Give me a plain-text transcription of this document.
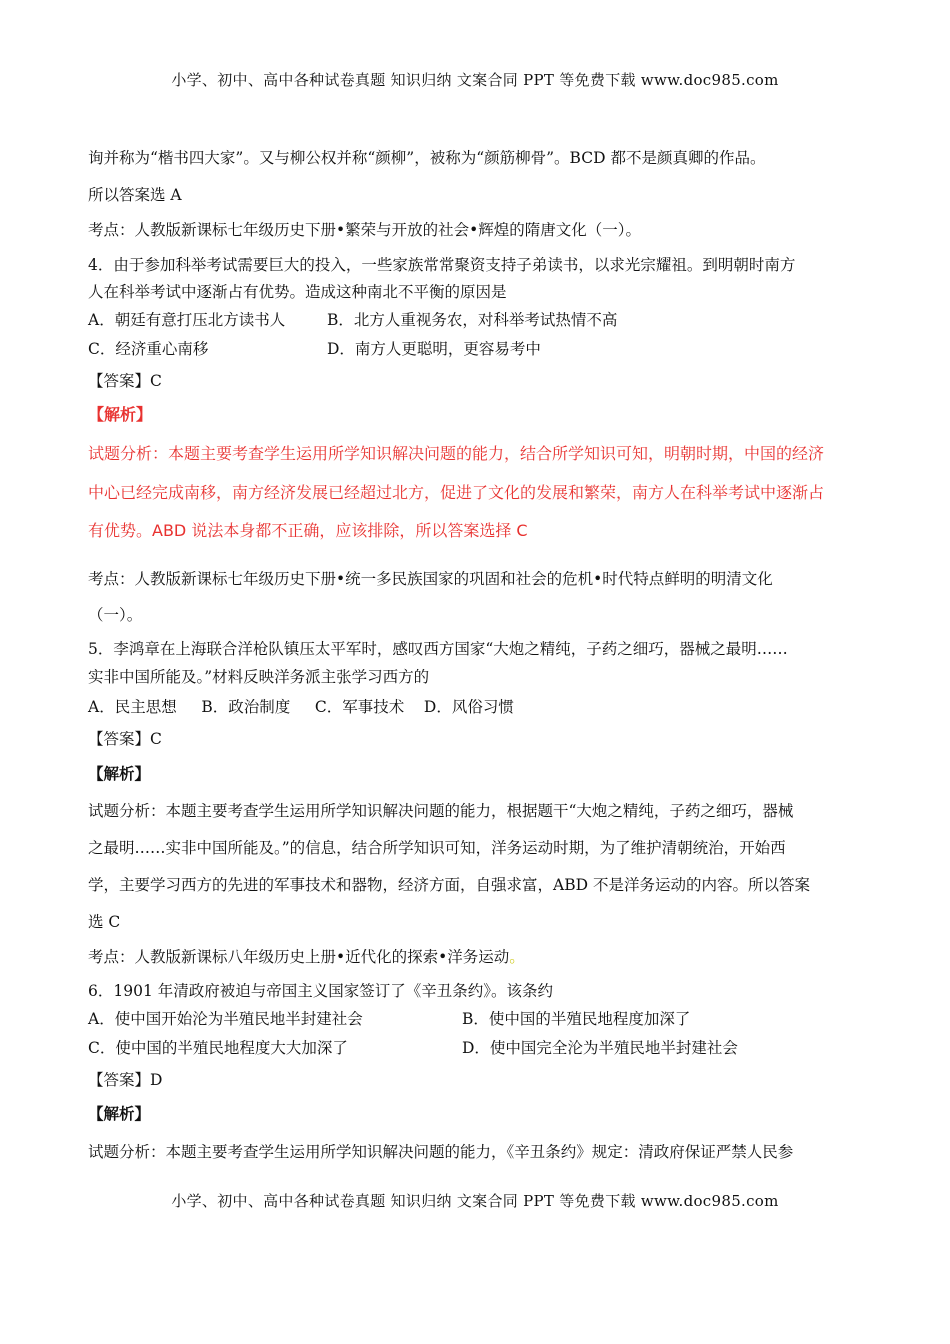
小学、初中、高中各种试卷真题 知识归纳 文案合同 PPT 等免费下载 www.doc985.com
询并称为“楷书四大家”。又与柳公权并称“颜柳”，被称为“颜筋柳骨”。BCD 都不是颜真卿的作品。
所以答案选 A
考点：人教版新课标七年级历史下册•繁荣与开放的社会•辉煌的隋唐文化（一）。
4．由于参加科举考试需要巨大的投入，一些家族常常聚资支持子弟读书，以求光宗耀祖。到明朝时南方
人在科举考试中逐渐占有优势。造成这种南北不平衡的原因是
A．朝廷有意打压北方读书人	B．北方人重视务农，对科举考试热情不高
C．经济重心南移	D．南方人更聪明，更容易考中
【答案】C
【解析】
试题分析：本题主要考查学生运用所学知识解决问题的能力，结合所学知识可知，明朝时期，中国的经济
中心已经完成南移，南方经济发展已经超过北方，促进了文化的发展和繁荣，南方人在科举考试中逐渐占
有优势。ABD 说法本身都不正确，应该排除，所以答案选择 C
考点：人教版新课标七年级历史下册•统一多民族国家的巩固和社会的危机•时代特点鲜明的明清文化
（一）。
5．李鸿章在上海联合洋枪队镇压太平军时，感叹西方国家“大炮之精纯，子药之细巧，器械之最明……
实非中国所能及。”材料反映洋务派主张学习西方的
A．民主思想     B．政治制度     C．军事技术    D．风俗习惯
【答案】C
【解析】
试题分析：本题主要考查学生运用所学知识解决问题的能力，根据题干“大炮之精纯，子药之细巧，器械
之最明……实非中国所能及。”的信息，结合所学知识可知，洋务运动时期，为了维护清朝统治，开始西
学，主要学习西方的先进的军事技术和器物，经济方面，自强求富，ABD 不是洋务运动的内容。所以答案
选 C
考点：人教版新课标八年级历史上册•近代化的探索•洋务运动。
6．1901 年清政府被迫与帝国主义国家签订了《辛丑条约》。该条约
A．使中国开始沦为半殖民地半封建社会	B．使中国的半殖民地程度加深了
C．使中国的半殖民地程度大大加深了	D．使中国完全沦为半殖民地半封建社会
【答案】D
【解析】
试题分析：本题主要考查学生运用所学知识解决问题的能力，《辛丑条约》规定：清政府保证严禁人民参
小学、初中、高中各种试卷真题 知识归纳 文案合同 PPT 等免费下载 www.doc985.com
